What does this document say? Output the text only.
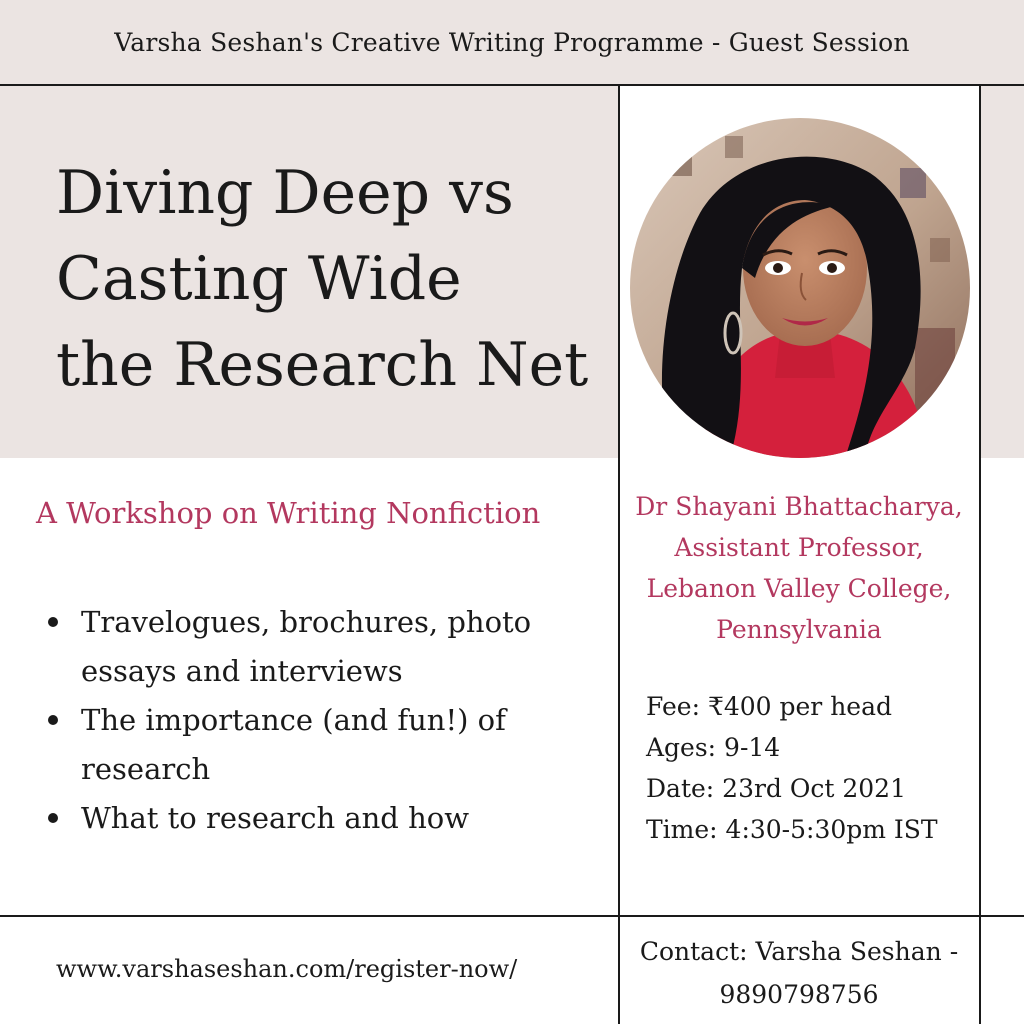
Varsha Seshan's Creative Writing Programme - Guest Session
Diving Deep vs
Casting Wide
the Research Net
A Workshop on Writing Nonfiction
Travelogues, brochures, photo essays and interviews
The importance (and fun!) of research
What to research and how
Dr Shayani Bhattacharya,
Assistant Professor,
Lebanon Valley College,
Pennsylvania
Fee: ₹400 per head
Ages: 9-14
Date: 23rd Oct 2021
Time: 4:30-5:30pm IST
www.varshaseshan.com/register-now/
Contact: Varsha Seshan -
9890798756
